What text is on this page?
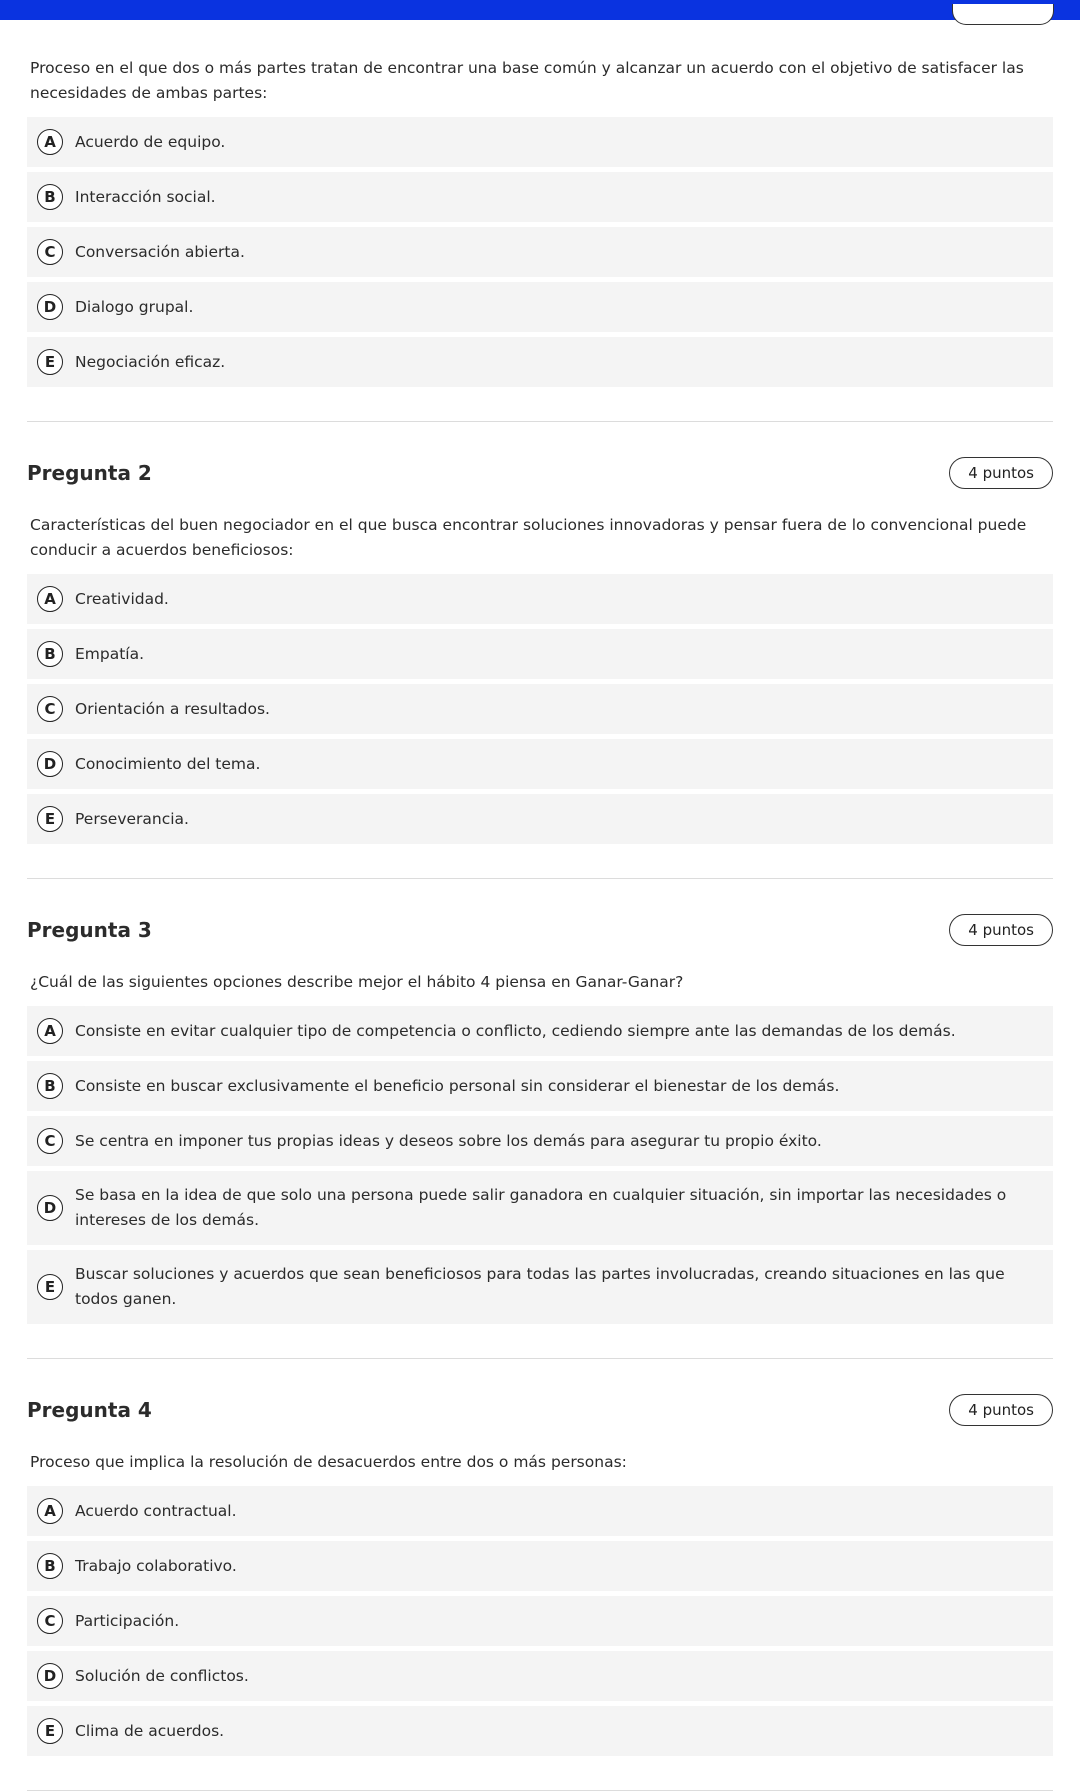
Proceso en el que dos o más partes tratan de encontrar una base común y alcanzar un acuerdo con el objetivo de satisfacer las necesidades de ambas partes:
A	Acuerdo de equipo.
B	Interacción social.
C	Conversación abierta.
D	Dialogo grupal.
E	Negociación eficaz.
Pregunta 2	4 puntos
Características del buen negociador en el que busca encontrar soluciones innovadoras y pensar fuera de lo convencional puede conducir a acuerdos beneficiosos:
A	Creatividad.
B	Empatía.
C	Orientación a resultados.
D	Conocimiento del tema.
E	Perseverancia.
Pregunta 3	4 puntos
¿Cuál de las siguientes opciones describe mejor el hábito 4 piensa en Ganar-Ganar?
A	Consiste en evitar cualquier tipo de competencia o conflicto, cediendo siempre ante las demandas de los demás.
B	Consiste en buscar exclusivamente el beneficio personal sin considerar el bienestar de los demás.
C	Se centra en imponer tus propias ideas y deseos sobre los demás para asegurar tu propio éxito.
D
Se basa en la idea de que solo una persona puede salir ganadora en cualquier situación, sin importar las necesidades o intereses de los demás.
E
Buscar soluciones y acuerdos que sean beneficiosos para todas las partes involucradas, creando situaciones en las que todos ganen.
Pregunta 4	4 puntos
Proceso que implica la resolución de desacuerdos entre dos o más personas:
A	Acuerdo contractual.
B	Trabajo colaborativo.
C	Participación.
D	Solución de conflictos.
E	Clima de acuerdos.
